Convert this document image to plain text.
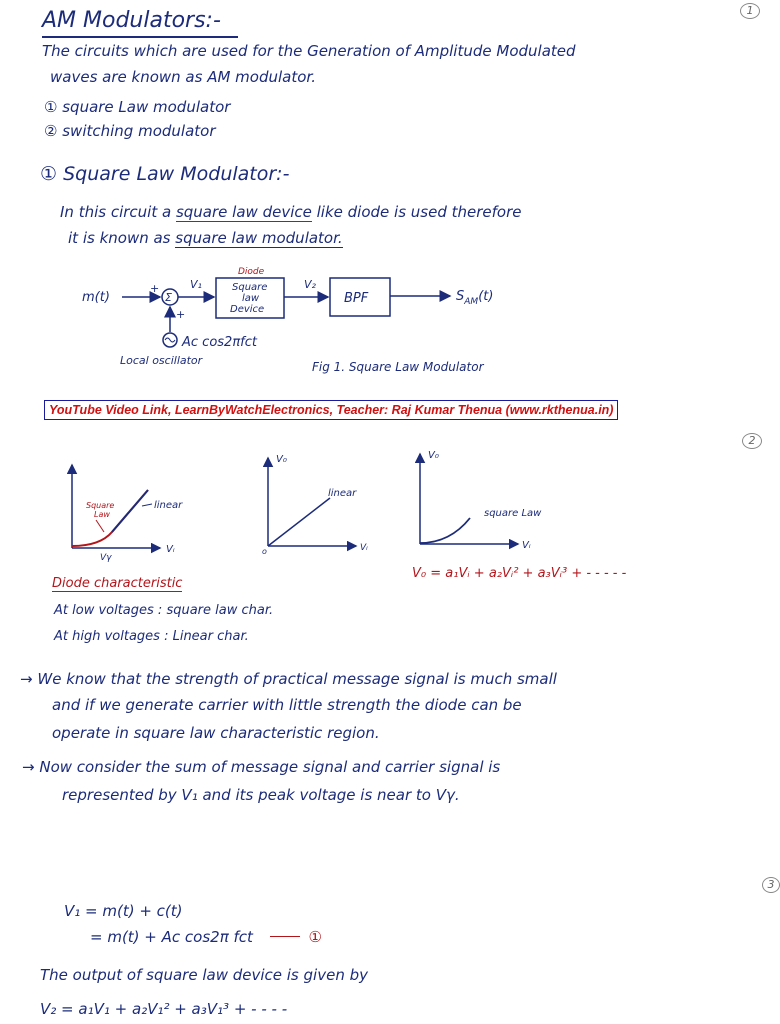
1
2
3
AM Modulators:-
The circuits which are used for the Generation of Amplitude Modulated
waves are known as AM modulator.
① square Law modulator
② switching modulator
① Square Law Modulator:-
In this circuit a square law device like diode is used therefore
it is known as square law modulator.
m(t)
+
Σ
V₁
Diode
Square
law
Device
V₂
BPF	$S_{AM}(t)$
+
Aᴄ cos2πfᴄt
Local oscillator	Fig 1. Square Law Modulator
YouTube Video Link, LearnByWatchElectronics, Teacher: Raj Kumar Thenua (www.rkthenua.in)
Square
Law
linear
Vᵢ
Vγ
V₀
Vᵢ
o
linear
V₀
Vᵢ
square Law
Diode characteristic
At low voltages : square law char.
At high voltages : Linear char.
V₀ = a₁Vᵢ + a₂Vᵢ² + a₃Vᵢ³ + - - - - -
→ We know that the strength of practical message signal is much small
and if we generate carrier with little strength the diode can be
operate in square law characteristic region.
→ Now consider the sum of message signal and carrier signal is
represented by V₁ and its peak voltage is near to Vγ.
V₁ = m(t) + c(t)
= m(t) + Aᴄ cos2π fᴄt	①
The output of square law device is given by
V₂ = a₁V₁ + a₂V₁² + a₃V₁³ + - - - -
